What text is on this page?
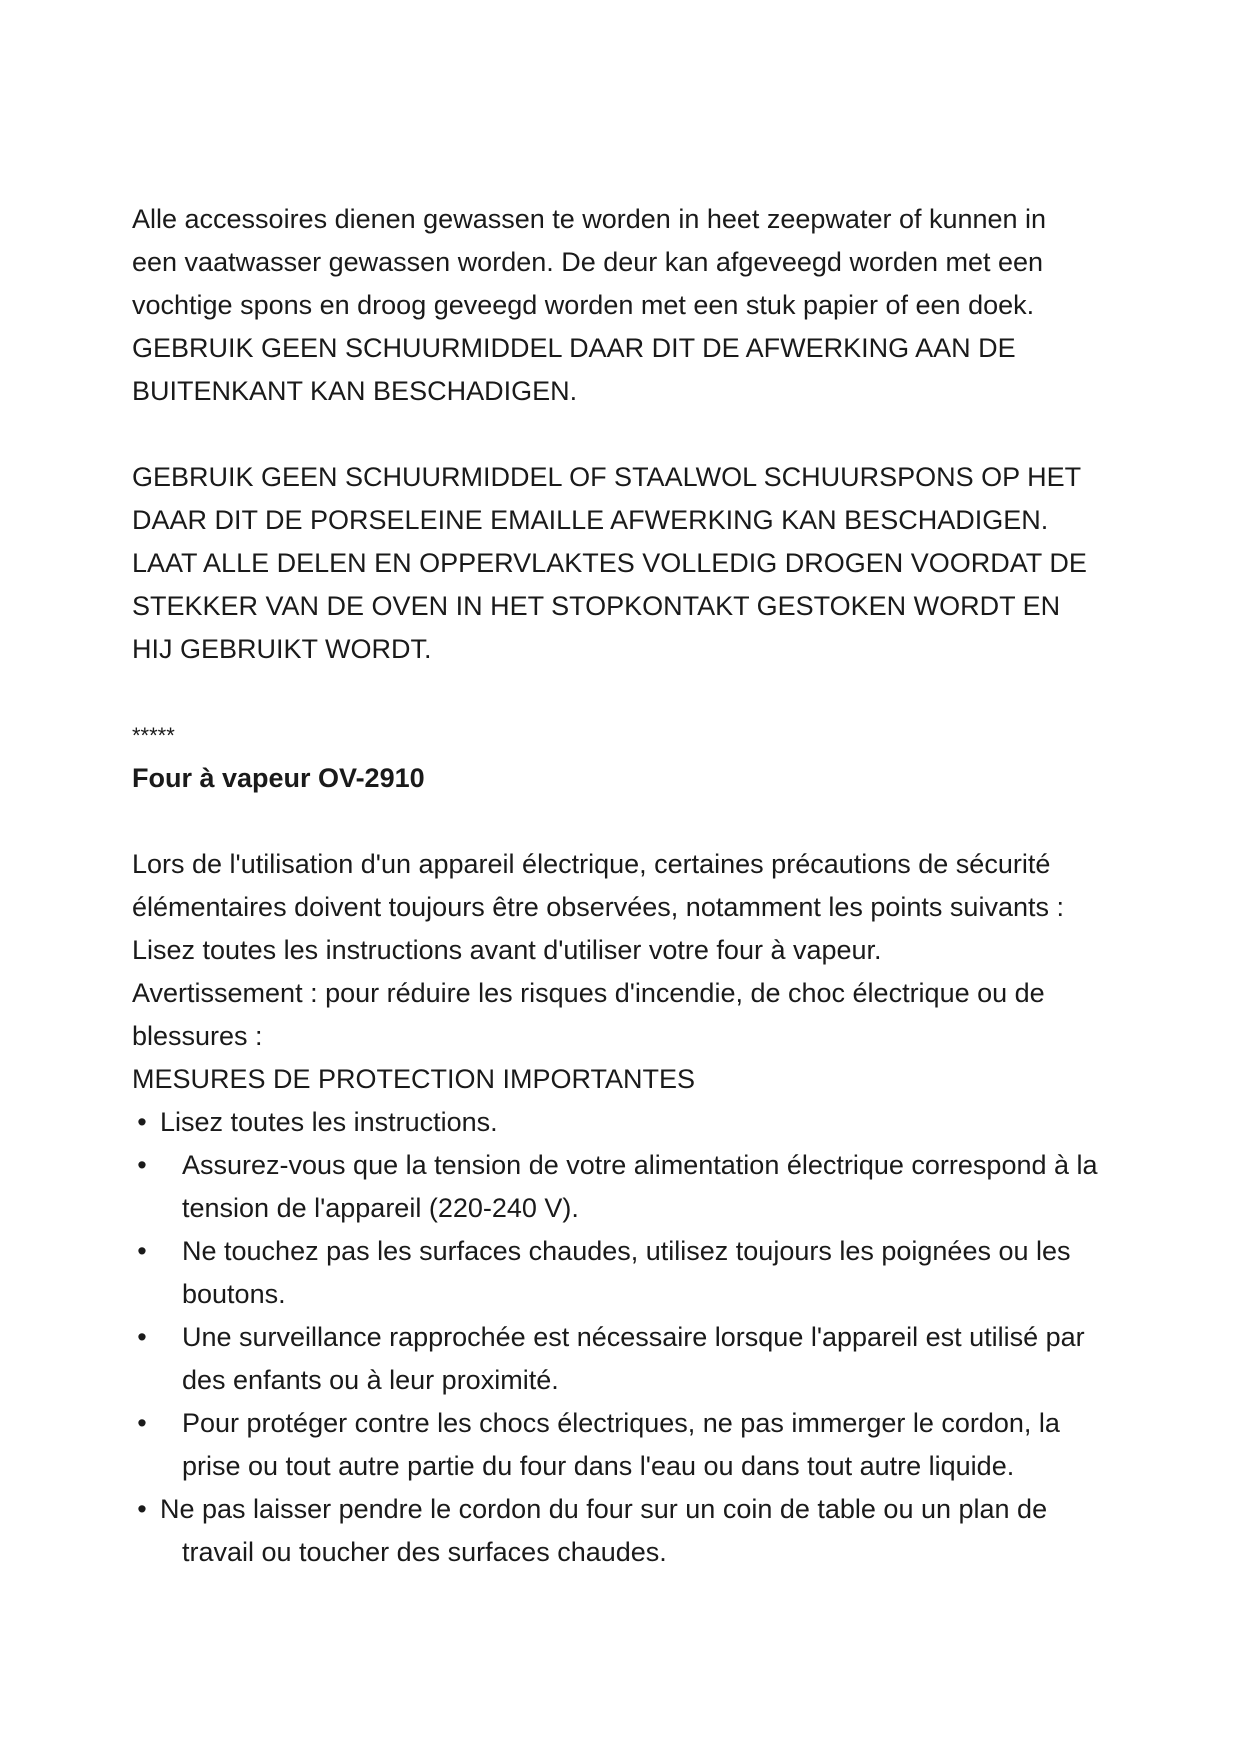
Alle accessoires dienen gewassen te worden in heet zeepwater of kunnen in
een vaatwasser gewassen worden. De deur kan afgeveegd worden met een
vochtige spons en droog geveegd worden met een stuk papier of een doek.
GEBRUIK GEEN SCHUURMIDDEL DAAR DIT DE AFWERKING AAN DE
BUITENKANT KAN BESCHADIGEN.
GEBRUIK GEEN SCHUURMIDDEL OF STAALWOL SCHUURSPONS OP HET
DAAR DIT DE PORSELEINE EMAILLE AFWERKING KAN BESCHADIGEN.
LAAT ALLE DELEN EN OPPERVLAKTES VOLLEDIG DROGEN VOORDAT DE
STEKKER VAN DE OVEN IN HET STOPKONTAKT GESTOKEN WORDT EN
HIJ GEBRUIKT WORDT.
*****
Four à vapeur OV-2910
Lors de l'utilisation d'un appareil électrique, certaines précautions de sécurité
élémentaires doivent toujours être observées, notamment les points suivants :
Lisez toutes les instructions avant d'utiliser votre four à vapeur.
Avertissement : pour réduire les risques d'incendie, de choc électrique ou de
blessures :
MESURES DE PROTECTION IMPORTANTES
• Lisez toutes les instructions.
•	Assurez-vous que la tension de votre alimentation électrique correspond à la
tension de l'appareil (220-240 V).
•	Ne touchez pas les surfaces chaudes, utilisez toujours les poignées ou les
boutons.
•	Une surveillance rapprochée est nécessaire lorsque l'appareil est utilisé par
des enfants ou à leur proximité.
•	Pour protéger contre les chocs électriques, ne pas immerger le cordon, la
prise ou tout autre partie du four dans l'eau ou dans tout autre liquide.
• Ne pas laisser pendre le cordon du four sur un coin de table ou un plan de
travail ou toucher des surfaces chaudes.
